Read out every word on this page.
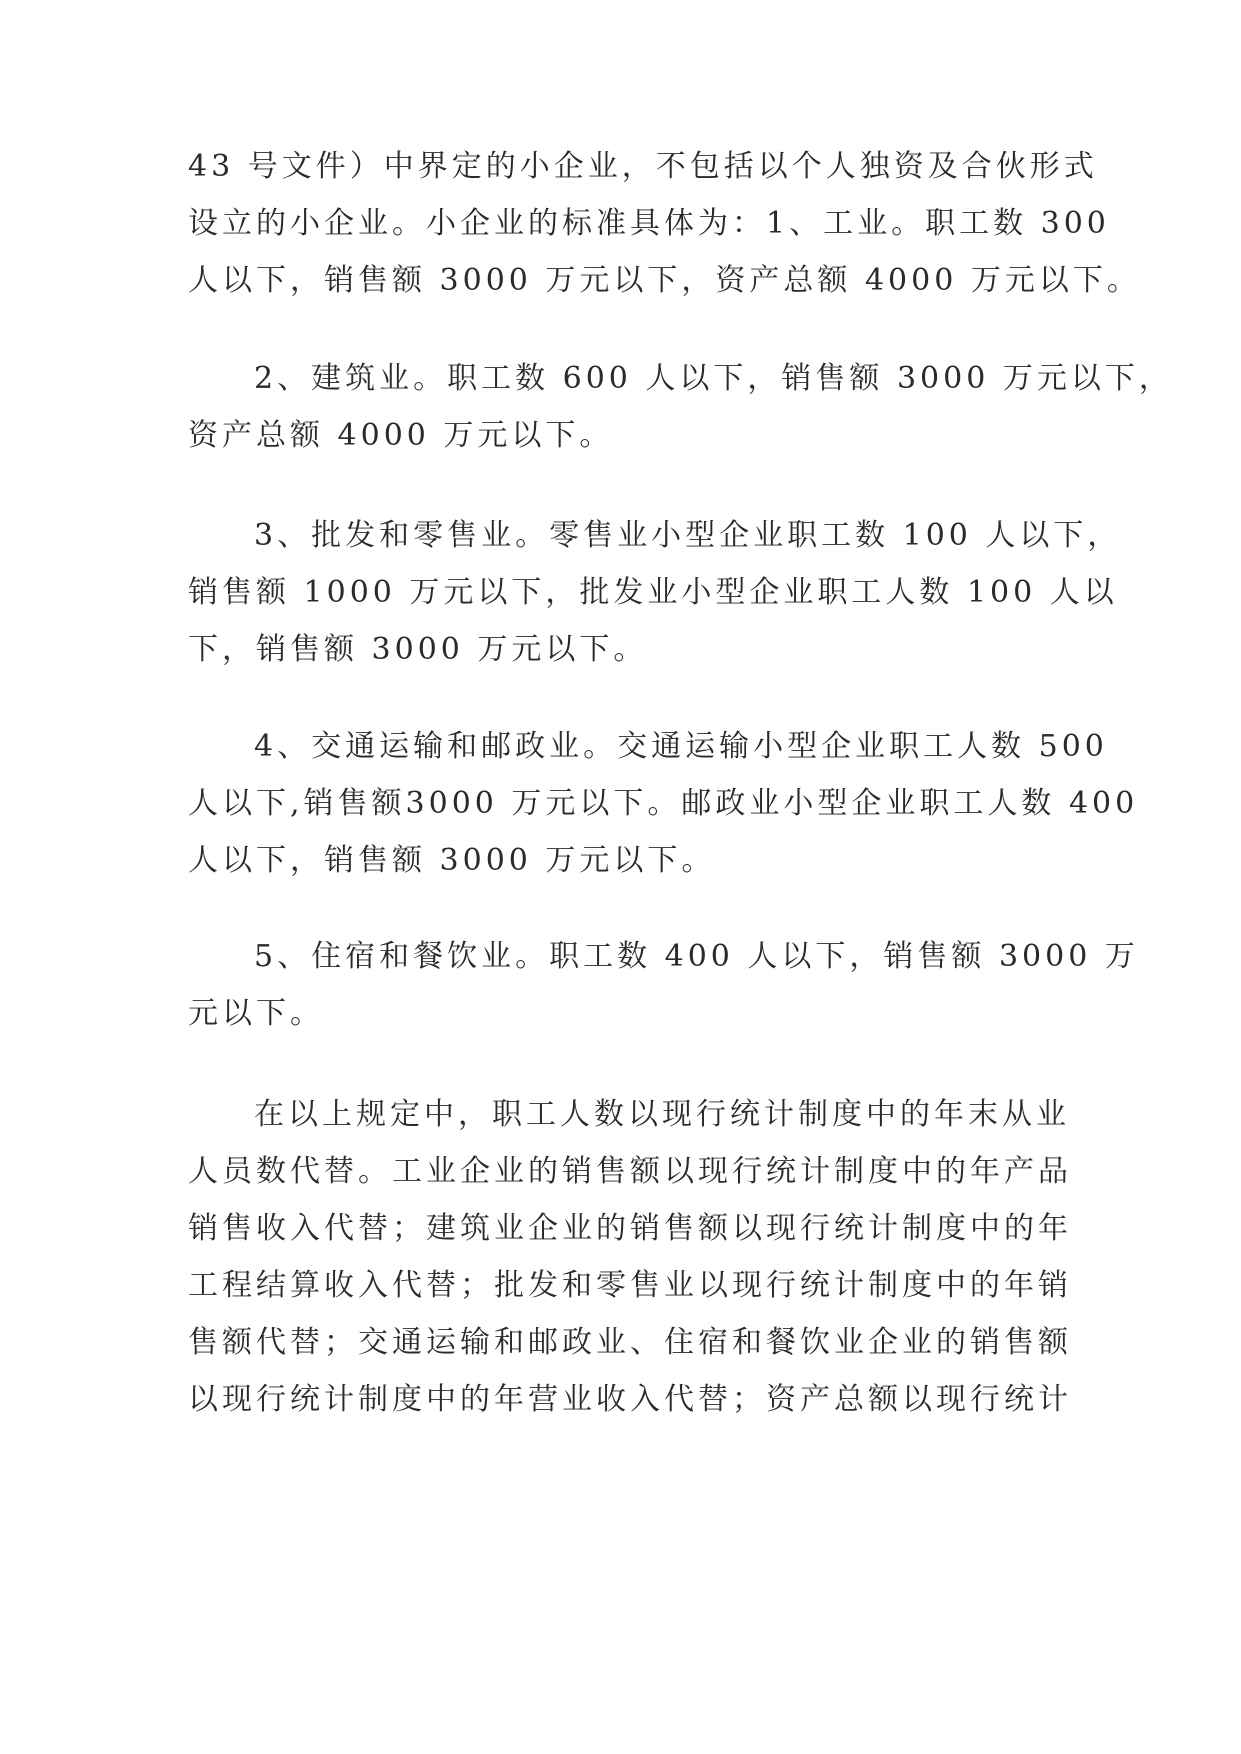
43 号文件）中界定的小企业，不包括以个人独资及合伙形式
设立的小企业。小企业的标准具体为：1、工业。职工数 300
人以下，销售额 3000 万元以下，资产总额 4000 万元以下。

2、建筑业。职工数 600 人以下，销售额 3000 万元以下，
资产总额 4000 万元以下。

3、批发和零售业。零售业小型企业职工数 100 人以下，
销售额 1000 万元以下，批发业小型企业职工人数 100 人以
下，销售额 3000 万元以下。

4、交通运输和邮政业。交通运输小型企业职工人数 500
人以下,销售额3000 万元以下。邮政业小型企业职工人数 400
人以下，销售额 3000 万元以下。

5、住宿和餐饮业。职工数 400 人以下，销售额 3000 万
元以下。

在以上规定中，职工人数以现行统计制度中的年末从业
人员数代替。工业企业的销售额以现行统计制度中的年产品
销售收入代替；建筑业企业的销售额以现行统计制度中的年
工程结算收入代替；批发和零售业以现行统计制度中的年销
售额代替；交通运输和邮政业、住宿和餐饮业企业的销售额
以现行统计制度中的年营业收入代替；资产总额以现行统计
